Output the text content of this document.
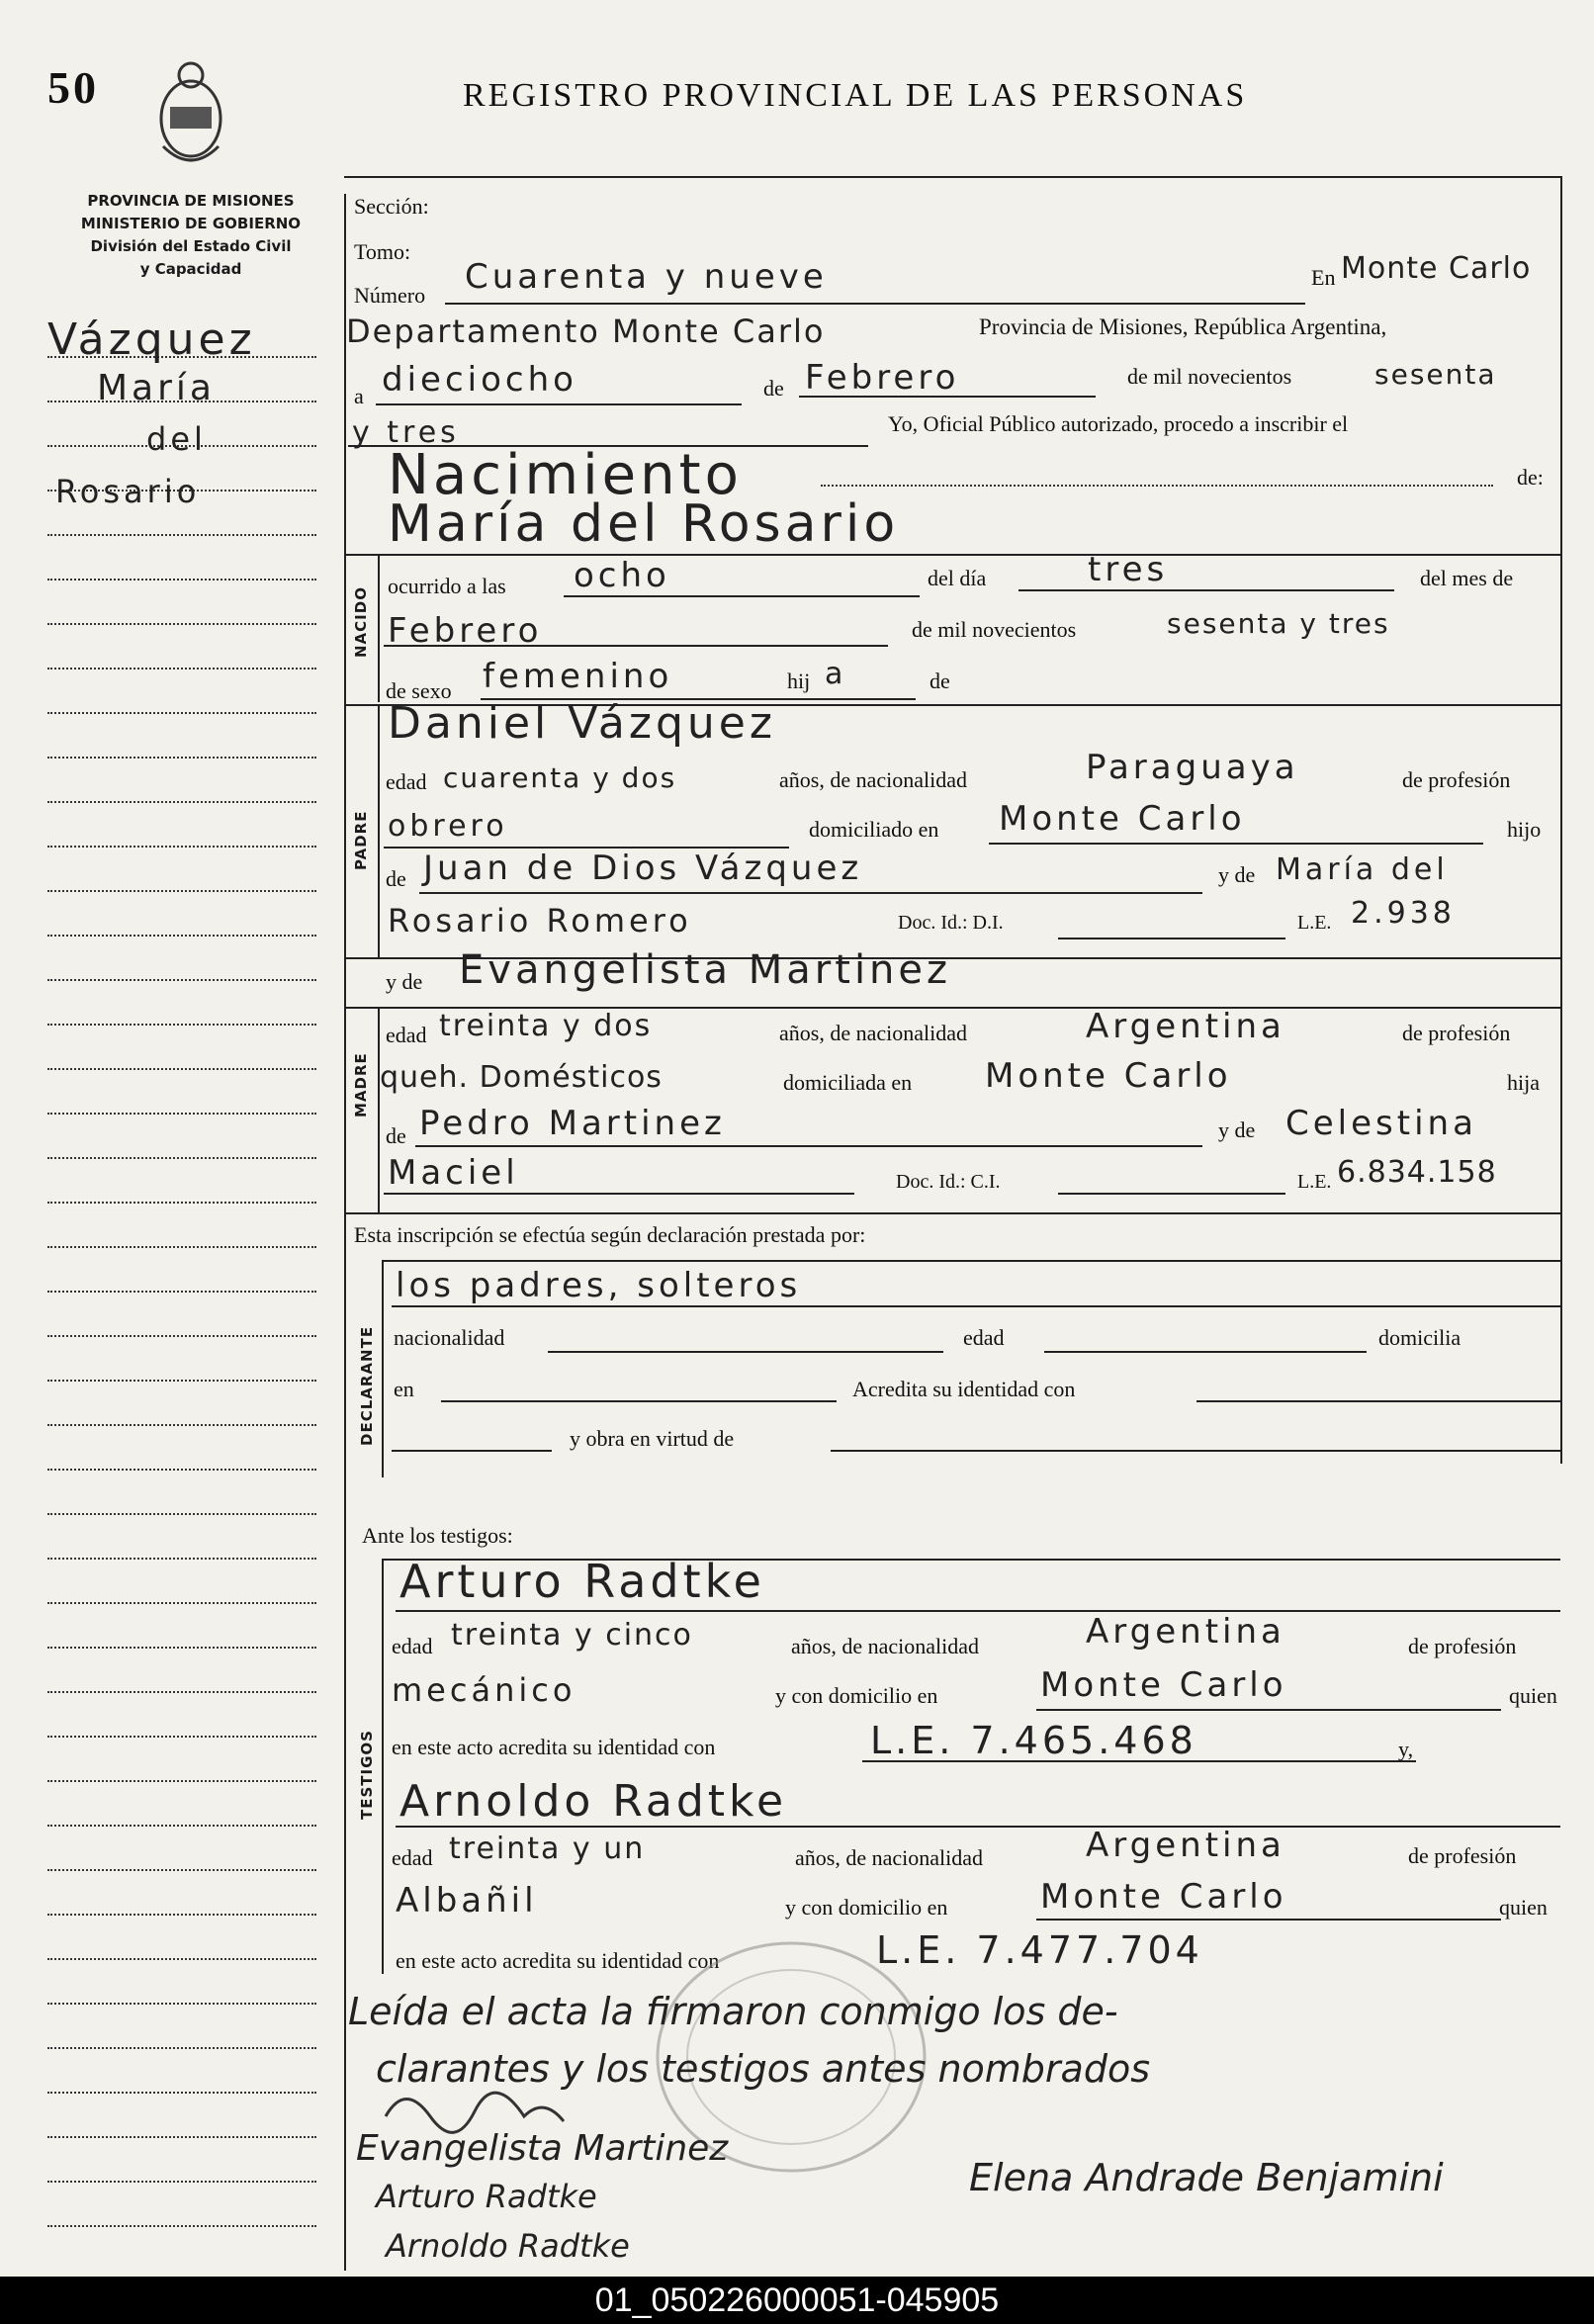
50	REGISTRO PROVINCIAL DE LAS PERSONAS
PROVINCIA DE MISIONES
MINISTERIO DE GOBIERNO
División del Estado Civil
y Capacidad
Vázquez
María
del
Rosario
Sección:
Tomo:
Número Cuarenta y nueve	En Monte Carlo
Departamento Monte Carlo	Provincia de Misiones, República Argentina,
a dieciocho	de Febrero	de mil novecientos	sesenta
y tres	Yo, Oficial Público autorizado, procedo a inscribir el
Nacimiento	de:
NACIDO
María del Rosario
ocurrido a las ocho	del día	tres	del mes de
Febrero	de mil novecientos	sesenta y tres
de sexo femenino	hij a	de
PADRE
Daniel Vázquez
edad cuarenta y dos	años, de nacionalidad	Paraguaya	de profesión
obrero	domiciliado en Monte Carlo	hijo
de Juan de Dios Vázquez	y de María del
Rosario Romero	Doc. Id.: D.I.	L.E. 2.938
y de Evangelista Martinez
MADRE
edad treinta y dos	años, de nacionalidad	Argentina	de profesión
queh. Domésticos	domiciliada en Monte Carlo	hija
de Pedro Martinez	y de Celestina
Maciel	Doc. Id.: C.I.	L.E. 6.834.158
Esta inscripción se efectúa según declaración prestada por:
DECLARANTE
los padres, solteros
nacionalidad	edad	domicilia
en	Acredita su identidad con
y obra en virtud de
Ante los testigos:
TESTIGOS
Arturo Radtke
edad treinta y cinco	años, de nacionalidad	Argentina	de profesión
mecánico	y con domicilio en	Monte Carlo	quien
en este acto acredita su identidad con	L.E. 7.465.468	y,
Arnoldo Radtke
edad treinta y un	años, de nacionalidad	Argentina	de profesión
Albañil	y con domicilio en	Monte Carlo	quien
en este acto acredita su identidad con	L.E. 7.477.704
Leída el acta la firmaron conmigo los de-
clarantes y los testigos antes nombrados
Evangelista Martinez
Arturo Radtke
Arnoldo Radtke
Elena Andrade Benjamini
01_050226000051-045905
